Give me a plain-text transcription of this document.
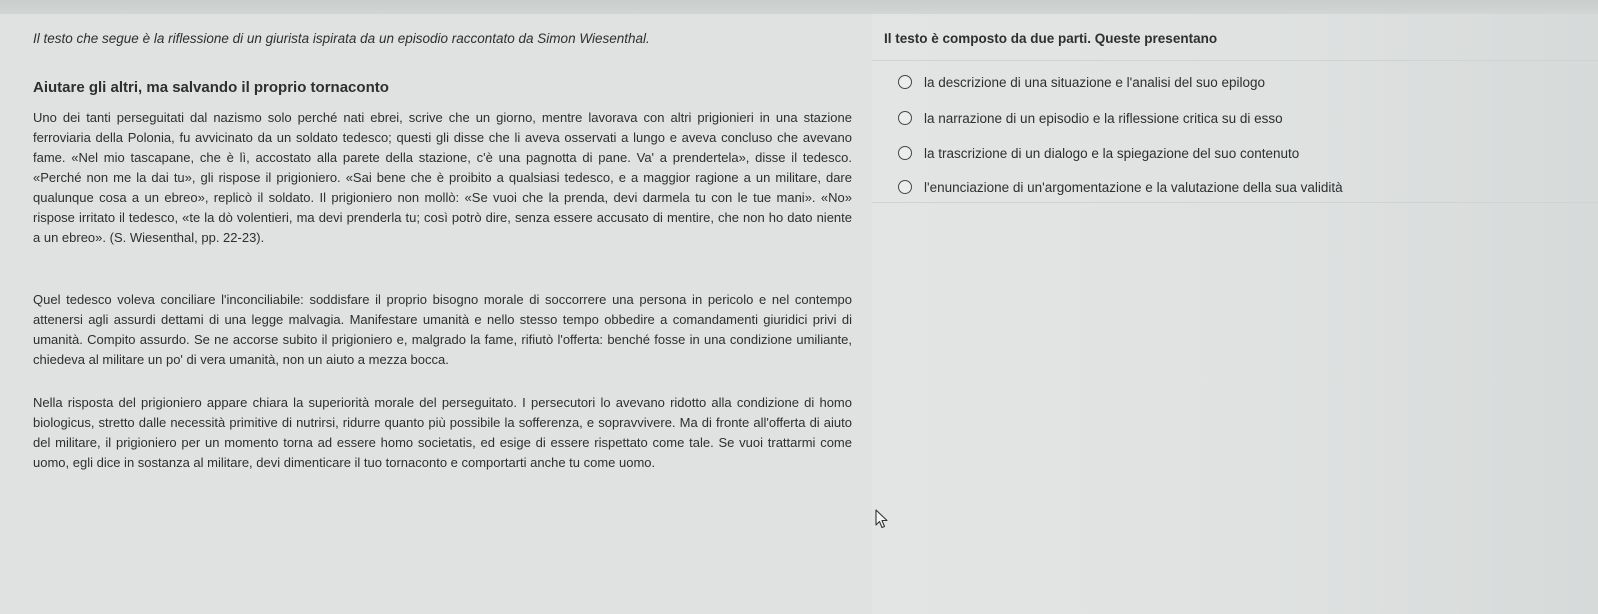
Il testo che segue è la riflessione di un giurista ispirata da un episodio raccontato da Simon Wiesenthal.
Aiutare gli altri, ma salvando il proprio tornaconto

Uno dei tanti perseguitati dal nazismo solo perché nati ebrei, scrive che un giorno, mentre lavorava con altri prigionieri in una stazione ferroviaria della Polonia, fu avvicinato da un soldato tedesco; questi gli disse che li aveva osservati a lungo e aveva concluso che avevano fame. «Nel mio tascapane, che è lì, accostato alla parete della stazione, c'è una pagnotta di pane. Va' a prendertela», disse il tedesco. «Perché non me la dai tu», gli rispose il prigioniero. «Sai bene che è proibito a qualsiasi tedesco, e a maggior ragione a un militare, dare qualunque cosa a un ebreo», replicò il soldato. Il prigioniero non mollò: «Se vuoi che la prenda, devi darmela tu con le tue mani». «No» rispose irritato il tedesco, «te la dò volentieri, ma devi prenderla tu; così potrò dire, senza essere accusato di mentire, che non ho dato niente a un ebreo». (S. Wiesenthal, pp. 22-23).

Quel tedesco voleva conciliare l'inconciliabile: soddisfare il proprio bisogno morale di soccorrere una persona in pericolo e nel contempo attenersi agli assurdi dettami di una legge malvagia. Manifestare umanità e nello stesso tempo obbedire a comandamenti giuridici privi di umanità. Compito assurdo. Se ne accorse subito il prigioniero e, malgrado la fame, rifiutò l'offerta: benché fosse in una condizione umiliante, chiedeva al militare un po' di vera umanità, non un aiuto a mezza bocca.

Nella risposta del prigioniero appare chiara la superiorità morale del perseguitato. I persecutori lo avevano ridotto alla condizione di homo biologicus, stretto dalle necessità primitive di nutrirsi, ridurre quanto più possibile la sofferenza, e sopravvivere. Ma di fronte all'offerta di aiuto del militare, il prigioniero per un momento torna ad essere homo societatis, ed esige di essere rispettato come tale. Se vuoi trattarmi come uomo, egli dice in sostanza al militare, devi dimenticare il tuo tornaconto e comportarti anche tu come uomo.

Il testo è composto da due parti. Queste presentano
la descrizione di una situazione e l'analisi del suo epilogo
la narrazione di un episodio e la riflessione critica su di esso
la trascrizione di un dialogo e la spiegazione del suo contenuto
l'enunciazione di un'argomentazione e la valutazione della sua validità
